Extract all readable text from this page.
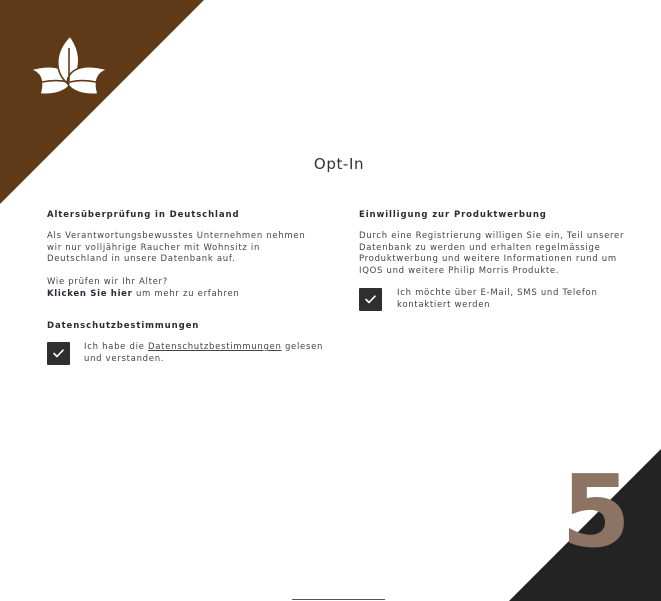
5
Opt-In
Altersüberprüfung in Deutschland
Als Verantwortungsbewusstes Unternehmen nehmen
wir nur volljährige Raucher mit Wohnsitz in
Deutschland in unsere Datenbank auf.
Wie prüfen wir Ihr Alter?
Klicken Sie hier um mehr zu erfahren
Datenschutzbestimmungen
Ich habe die Datenschutzbestimmungen gelesen
und verstanden.
Einwilligung zur Produktwerbung
Durch eine Registrierung willigen Sie ein, Teil unserer
Datenbank zu werden und erhalten regelmässige
Produktwerbung und weitere Informationen rund um
IQOS und weitere Philip Morris Produkte.
Ich möchte über E-Mail, SMS und Telefon
kontaktiert werden
